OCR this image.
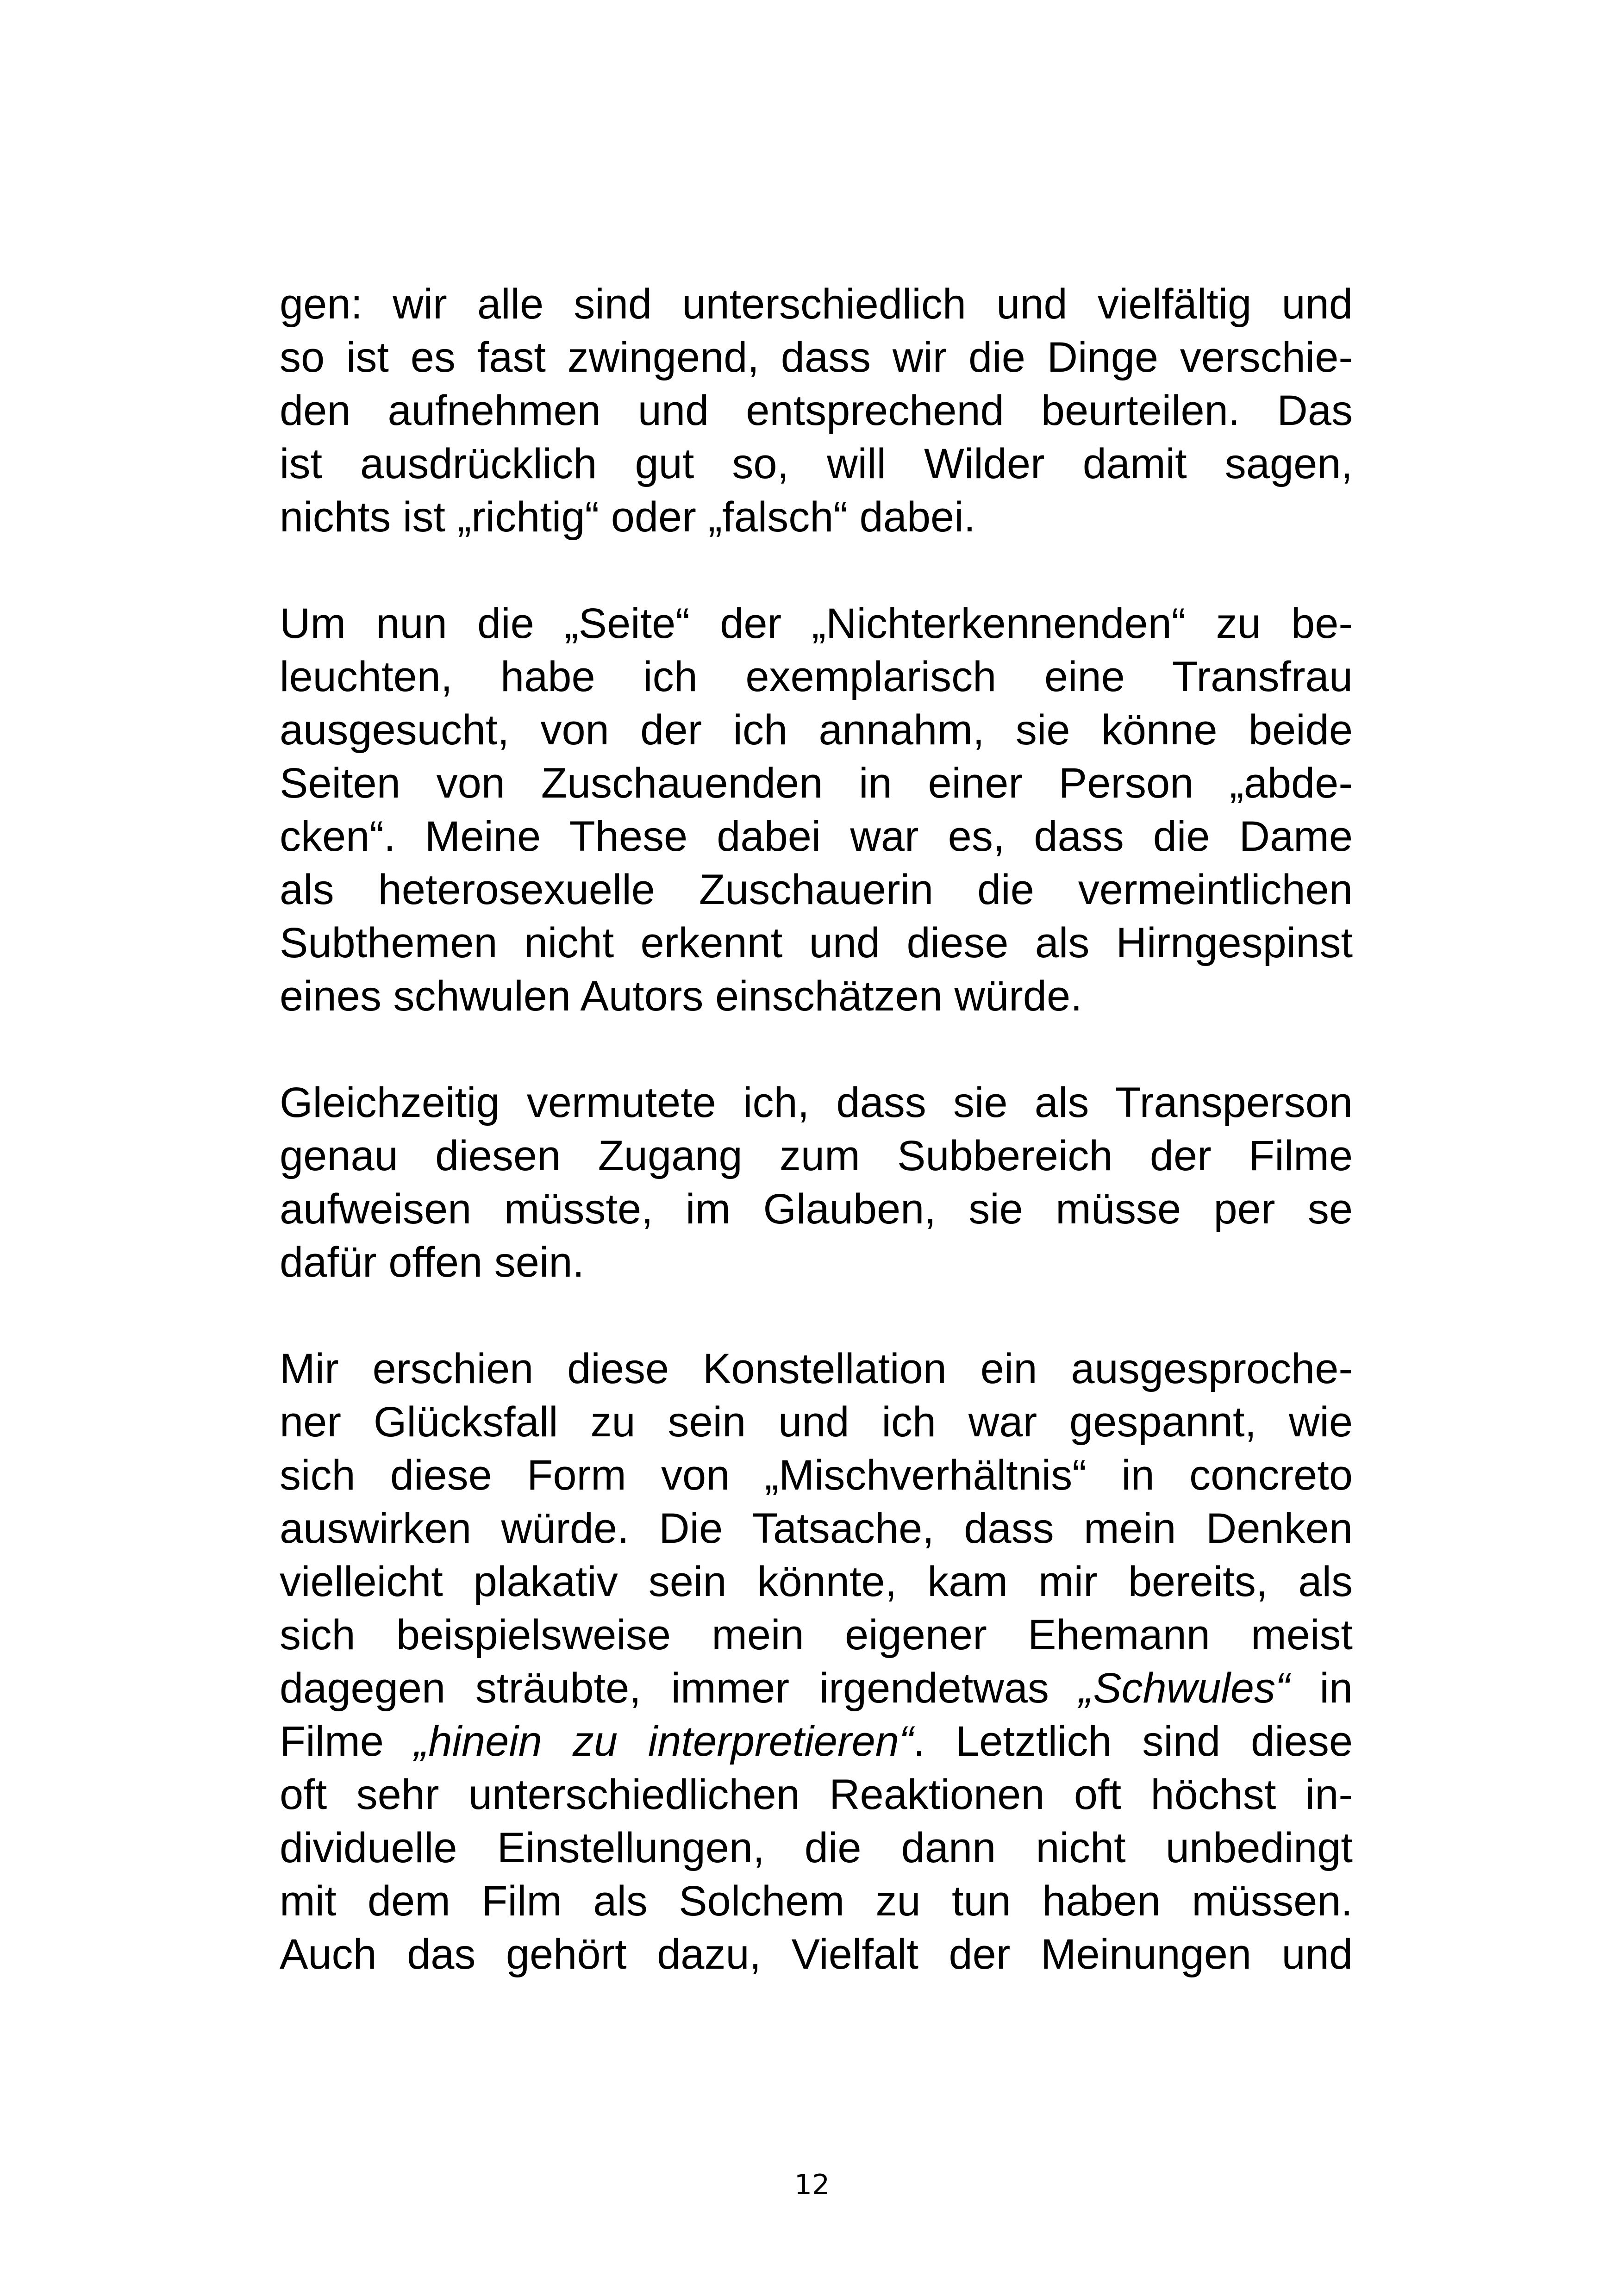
gen: wir alle sind unterschiedlich und vielfältig und
so ist es fast zwingend, dass wir die Dinge verschie-
den aufnehmen und entsprechend beurteilen. Das
ist ausdrücklich gut so, will Wilder damit sagen,
nichts ist „richtig“ oder „falsch“ dabei.

Um nun die „Seite“ der „Nichterkennenden“ zu be-
leuchten, habe ich exemplarisch eine Transfrau
ausgesucht, von der ich annahm, sie könne beide
Seiten von Zuschauenden in einer Person „abde-
cken“. Meine These dabei war es, dass die Dame
als heterosexuelle Zuschauerin die vermeintlichen
Subthemen nicht erkennt und diese als Hirngespinst
eines schwulen Autors einschätzen würde.

Gleichzeitig vermutete ich, dass sie als Transperson
genau diesen Zugang zum Subbereich der Filme
aufweisen müsste, im Glauben, sie müsse per se
dafür offen sein.

Mir erschien diese Konstellation ein ausgesproche-
ner Glücksfall zu sein und ich war gespannt, wie
sich diese Form von „Mischverhältnis“ in concreto
auswirken würde. Die Tatsache, dass mein Denken
vielleicht plakativ sein könnte, kam mir bereits, als
sich beispielsweise mein eigener Ehemann meist
dagegen sträubte, immer irgendetwas „Schwules“ in
Filme „hinein zu interpretieren“. Letztlich sind diese
oft sehr unterschiedlichen Reaktionen oft höchst in-
dividuelle Einstellungen, die dann nicht unbedingt
mit dem Film als Solchem zu tun haben müssen.
Auch das gehört dazu, Vielfalt der Meinungen und

12
